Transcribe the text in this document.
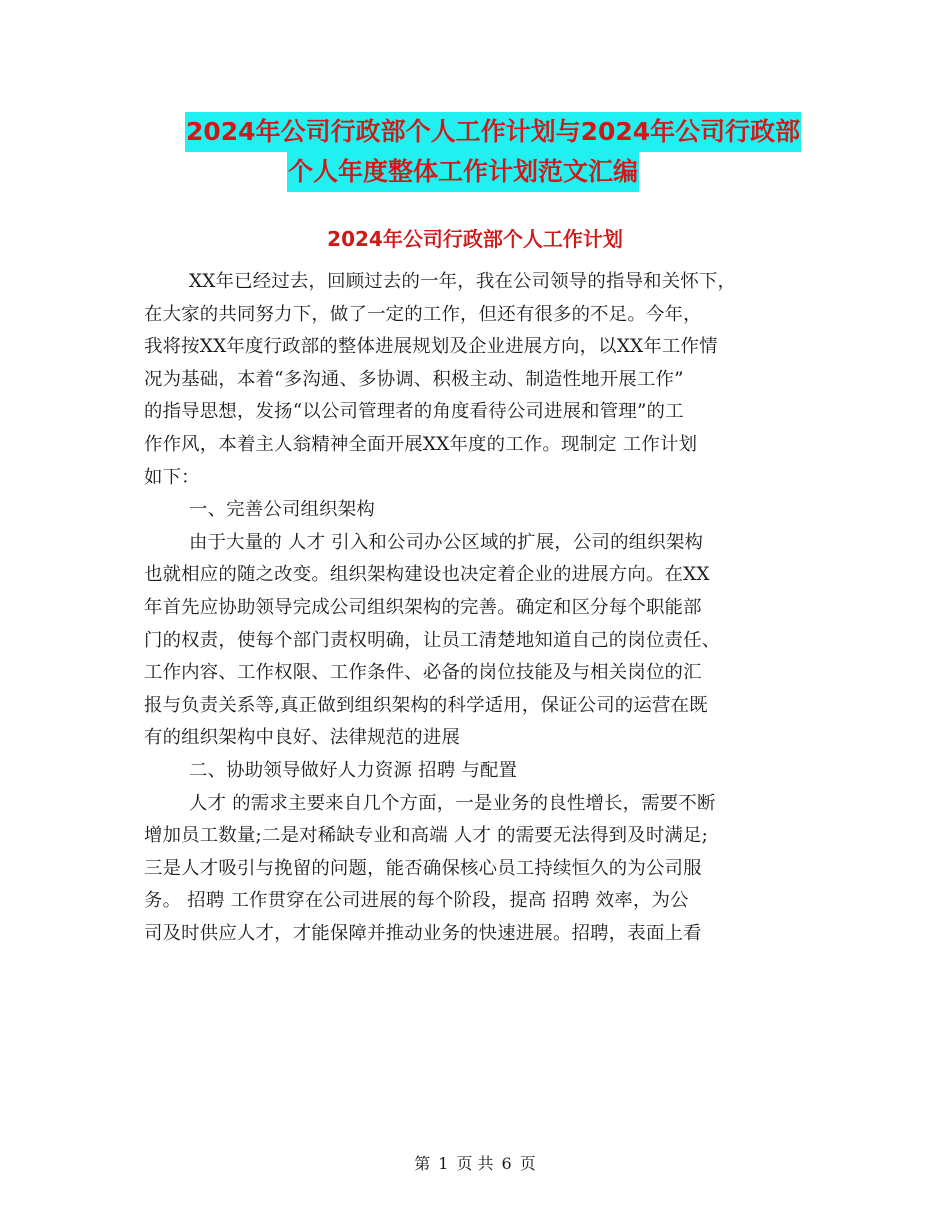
2024年公司行政部个人工作计划与2024年公司行政部
个人年度整体工作计划范文汇编
2024年公司行政部个人工作计划
XX年已经过去，回顾过去的一年，我在公司领导的指导和关怀下，
在大家的共同努力下，做了一定的工作，但还有很多的不足。今年，
我将按XX年度行政部的整体进展规划及企业进展方向，以XX年工作情
况为基础，本着“多沟通、多协调、积极主动、制造性地开展工作”
的指导思想，发扬“以公司管理者的角度看待公司进展和管理”的工
作作风，本着主人翁精神全面开展XX年度的工作。现制定 工作计划
如下：
一、完善公司组织架构
由于大量的 人才 引入和公司办公区域的扩展，公司的组织架构
也就相应的随之改变。组织架构建设也决定着企业的进展方向。在XX
年首先应协助领导完成公司组织架构的完善。确定和区分每个职能部
门的权责，使每个部门责权明确，让员工清楚地知道自己的岗位责任、
工作内容、工作权限、工作条件、必备的岗位技能及与相关岗位的汇
报与负责关系等,真正做到组织架构的科学适用，保证公司的运营在既
有的组织架构中良好、法律规范的进展
二、协助领导做好人力资源 招聘 与配置
人才 的需求主要来自几个方面，一是业务的良性增长，需要不断
增加员工数量;二是对稀缺专业和高端 人才 的需要无法得到及时满足;
三是人才吸引与挽留的问题，能否确保核心员工持续恒久的为公司服
务。 招聘 工作贯穿在公司进展的每个阶段，提高 招聘 效率，为公
司及时供应人才，才能保障并推动业务的快速进展。招聘，表面上看
第 1 页 共 6 页
